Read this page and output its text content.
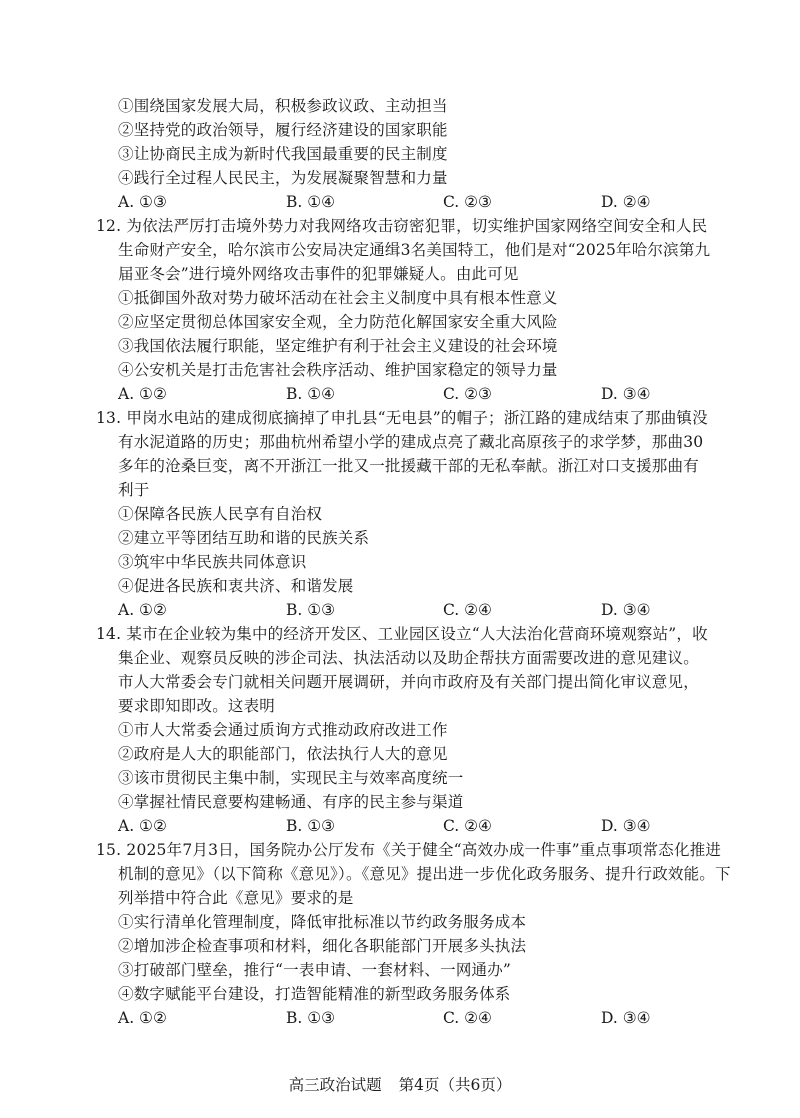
①围绕国家发展大局，积极参政议政、主动担当
②坚持党的政治领导，履行经济建设的国家职能
③让协商民主成为新时代我国最重要的民主制度
④践行全过程人民民主，为发展凝聚智慧和力量
A. ①③	B. ①④	C. ②③	D. ②④
12. 为依法严厉打击境外势力对我网络攻击窃密犯罪，切实维护国家网络空间安全和人民
生命财产安全，哈尔滨市公安局决定通缉3名美国特工，他们是对“2025年哈尔滨第九
届亚冬会”进行境外网络攻击事件的犯罪嫌疑人。由此可见
①抵御国外敌对势力破坏活动在社会主义制度中具有根本性意义
②应坚定贯彻总体国家安全观，全力防范化解国家安全重大风险
③我国依法履行职能，坚定维护有利于社会主义建设的社会环境
④公安机关是打击危害社会秩序活动、维护国家稳定的领导力量
A. ①②	B. ①④	C. ②③	D. ③④
13. 甲岗水电站的建成彻底摘掉了申扎县“无电县”的帽子；浙江路的建成结束了那曲镇没
有水泥道路的历史；那曲杭州希望小学的建成点亮了藏北高原孩子的求学梦，那曲30
多年的沧桑巨变，离不开浙江一批又一批援藏干部的无私奉献。浙江对口支援那曲有
利于
①保障各民族人民享有自治权
②建立平等团结互助和谐的民族关系
③筑牢中华民族共同体意识
④促进各民族和衷共济、和谐发展
A. ①②	B. ①③	C. ②④	D. ③④
14. 某市在企业较为集中的经济开发区、工业园区设立“人大法治化营商环境观察站”，收
集企业、观察员反映的涉企司法、执法活动以及助企帮扶方面需要改进的意见建议。
市人大常委会专门就相关问题开展调研，并向市政府及有关部门提出简化审议意见，
要求即知即改。这表明
①市人大常委会通过质询方式推动政府改进工作
②政府是人大的职能部门，依法执行人大的意见
③该市贯彻民主集中制，实现民主与效率高度统一
④掌握社情民意要构建畅通、有序的民主参与渠道
A. ①②	B. ①③	C. ②④	D. ③④
15. 2025年7月3日，国务院办公厅发布《关于健全“高效办成一件事”重点事项常态化推进
机制的意见》（以下简称《意见》）。《意见》提出进一步优化政务服务、提升行政效能。下
列举措中符合此《意见》要求的是
①实行清单化管理制度，降低审批标准以节约政务服务成本
②增加涉企检查事项和材料，细化各职能部门开展多头执法
③打破部门壁垒，推行“一表申请、一套材料、一网通办”
④数字赋能平台建设，打造智能精准的新型政务服务体系
A. ①②	B. ①③	C. ②④	D. ③④
高三政治试题 第4页（共6页）
